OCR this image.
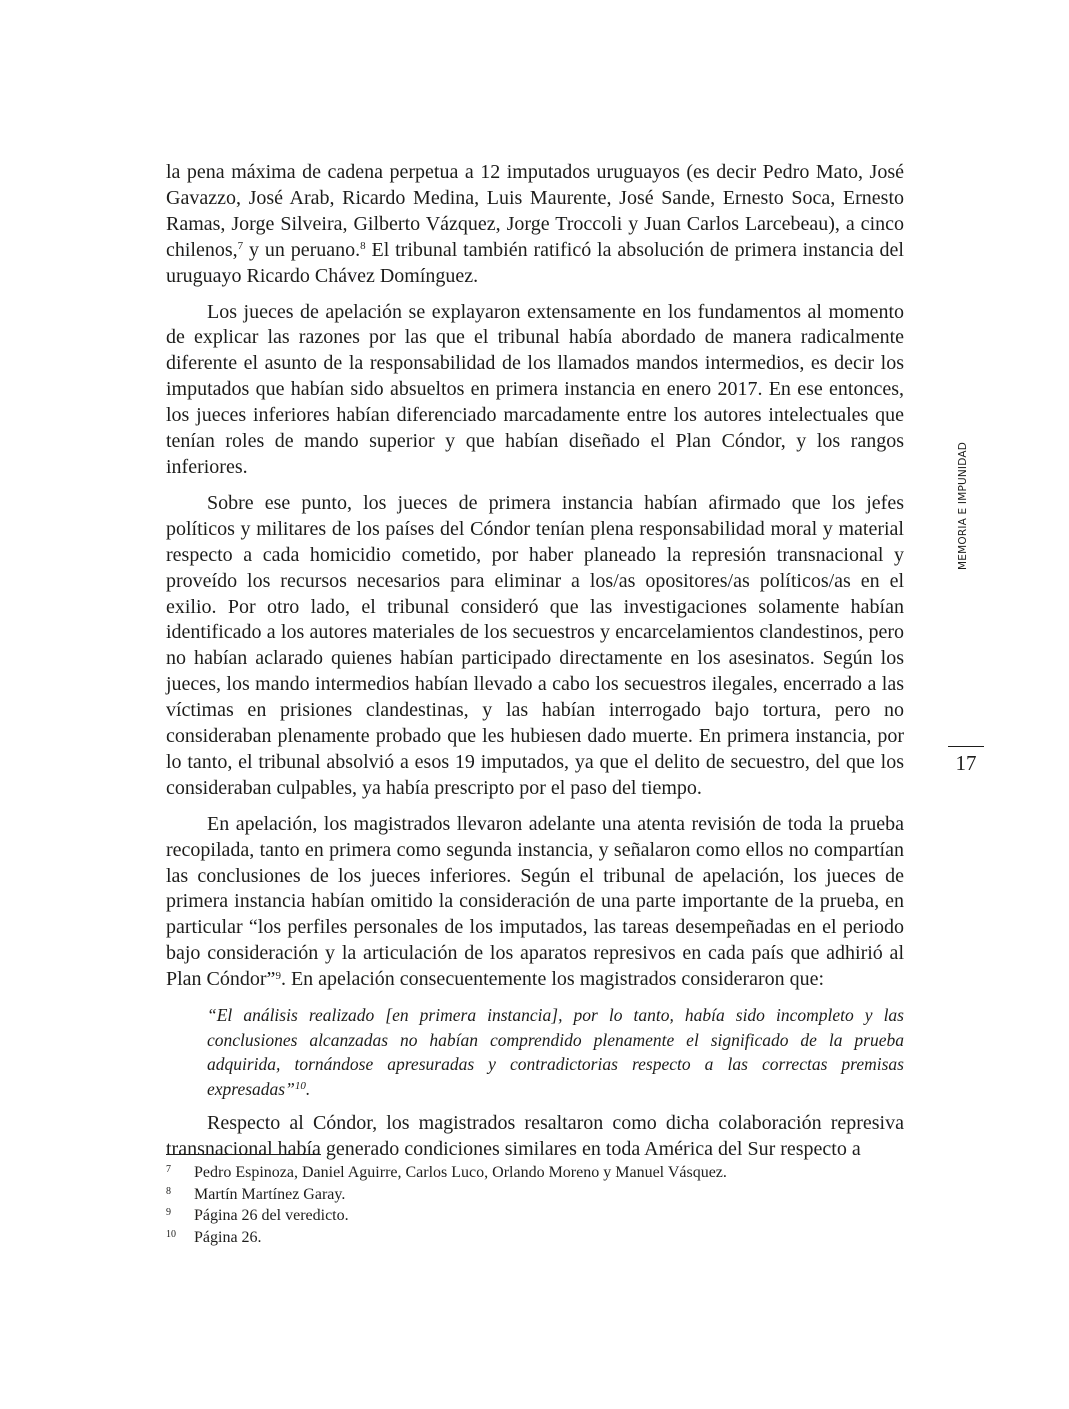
la pena máxima de cadena perpetua a 12 imputados uruguayos (es decir Pedro Mato, José Gavazzo, José Arab, Ricardo Medina, Luis Maurente, José Sande, Ernesto Soca, Ernesto Ramas, Jorge Silveira, Gilberto Vázquez, Jorge Troccoli y Juan Carlos Larcebeau), a cinco chilenos,$^7$ y un peruano.$^8$ El tribunal también ratificó la absolución de primera instancia del uruguayo Ricardo Chávez Domínguez.

Los jueces de apelación se explayaron extensamente en los fundamentos al momento de explicar las razones por las que el tribunal había abordado de manera radicalmente diferente el asunto de la responsabilidad de los llamados mandos intermedios, es decir los imputados que habían sido absueltos en primera instancia en enero 2017. En ese entonces, los jueces inferiores habían diferenciado marcadamente entre los autores intelectuales que tenían roles de mando superior y que habían diseñado el Plan Cóndor, y los rangos inferiores.

Sobre ese punto, los jueces de primera instancia habían afirmado que los jefes políticos y militares de los países del Cóndor tenían plena responsabilidad moral y material respecto a cada homicidio cometido, por haber planeado la represión transnacional y proveído los recursos necesarios para eliminar a los/as opositores/as políticos/as en el exilio. Por otro lado, el tribunal consideró que las investigaciones solamente habían identificado a los autores materiales de los secuestros y encarcelamientos clandestinos, pero no habían aclarado quienes habían participado directamente en los asesinatos. Según los jueces, los mando intermedios habían llevado a cabo los secuestros ilegales, encerrado a las víctimas en prisiones clandestinas, y las habían interrogado bajo tortura, pero no consideraban plenamente probado que les hubiesen dado muerte. En primera instancia, por lo tanto, el tribunal absolvió a esos 19 imputados, ya que el delito de secuestro, del que los consideraban culpables, ya había prescripto por el paso del tiempo.

En apelación, los magistrados llevaron adelante una atenta revisión de toda la prueba recopilada, tanto en primera como segunda instancia, y señalaron como ellos no compartían las conclusiones de los jueces inferiores. Según el tribunal de apelación, los jueces de primera instancia habían omitido la consideración de una parte importante de la prueba, en particular “los perfiles personales de los imputados, las tareas desempeñadas en el periodo bajo consideración y la articulación de los aparatos represivos en cada país que adhirió al Plan Cóndor”$^9$. En apelación consecuentemente los magistrados consideraron que:

“El análisis realizado [en primera instancia], por lo tanto, había sido incompleto y las conclusiones alcanzadas no habían comprendido plenamente el significado de la prueba adquirida, tornándose apresuradas y contradictorias respecto a las correctas premisas expresadas”$^{10}$.

Respecto al Cóndor, los magistrados resaltaron como dicha colaboración represiva transnacional había generado condiciones similares en toda América del Sur respecto a

7	Pedro Espinoza, Daniel Aguirre, Carlos Luco, Orlando Moreno y Manuel Vásquez.
8	Martín Martínez Garay.
9	Página 26 del veredicto.
10	Página 26.
MEMORIA E IMPUNIDAD
17
